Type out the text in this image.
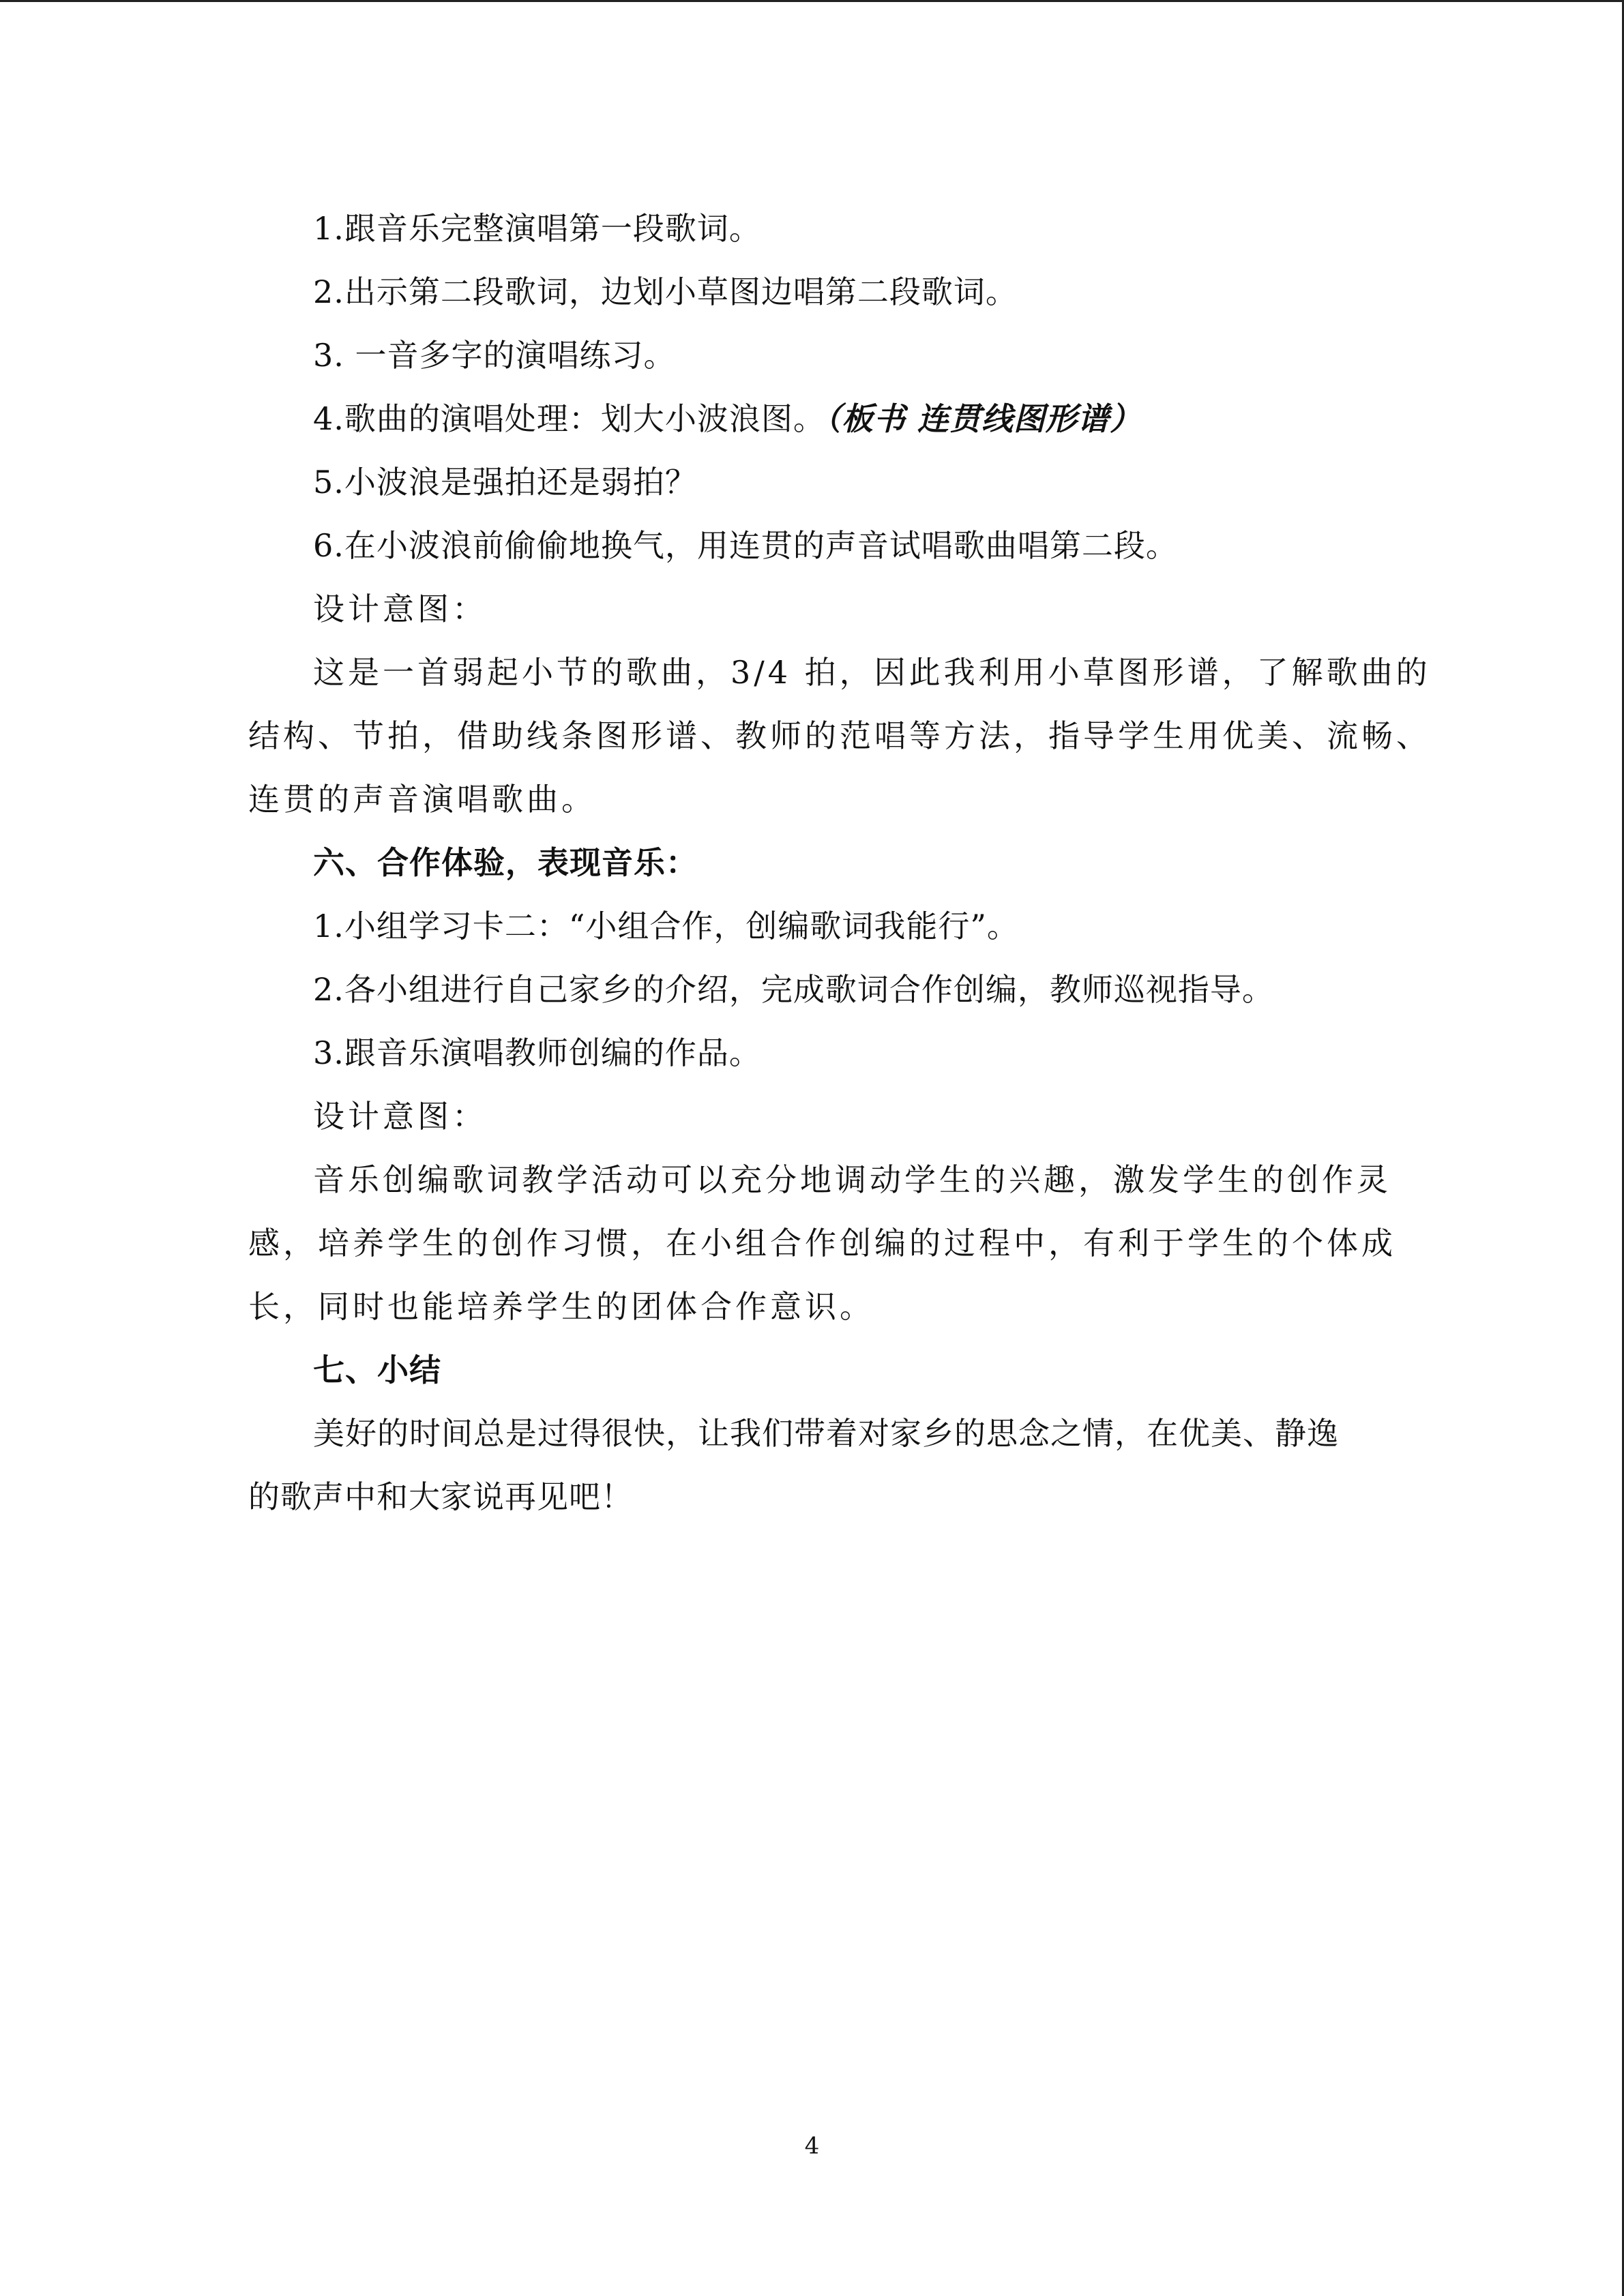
1.跟音乐完整演唱第一段歌词。
2.出示第二段歌词，边划小草图边唱第二段歌词。
3. 一音多字的演唱练习。
4.歌曲的演唱处理：划大小波浪图。（板书 连贯线图形谱）
5.小波浪是强拍还是弱拍？
6.在小波浪前偷偷地换气，用连贯的声音试唱歌曲唱第二段。
设计意图：
这是一首弱起小节的歌曲，3/4 拍，因此我利用小草图形谱，了解歌曲的
结构、节拍，借助线条图形谱、教师的范唱等方法，指导学生用优美、流畅、
连贯的声音演唱歌曲。
六、合作体验，表现音乐：
1.小组学习卡二：“小组合作，创编歌词我能行”。
2.各小组进行自己家乡的介绍，完成歌词合作创编，教师巡视指导。
3.跟音乐演唱教师创编的作品。
设计意图：
音乐创编歌词教学活动可以充分地调动学生的兴趣，激发学生的创作灵
感，培养学生的创作习惯，在小组合作创编的过程中，有利于学生的个体成
长，同时也能培养学生的团体合作意识。
七、小结
美好的时间总是过得很快，让我们带着对家乡的思念之情，在优美、静逸
的歌声中和大家说再见吧！
4
